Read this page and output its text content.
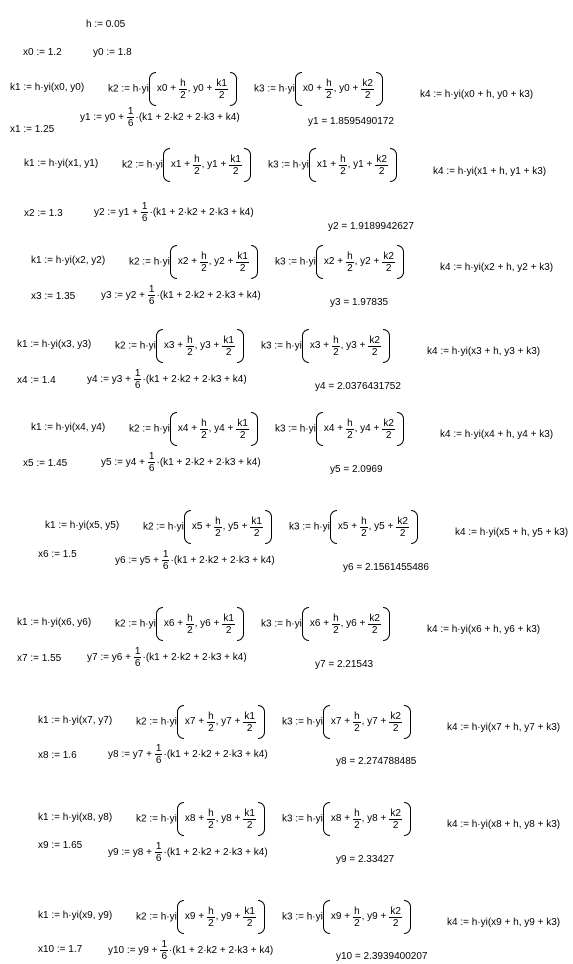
h := 0.05
x0 := 1.2	y0 := 1.8
k1 := h·yi(x0, y0) k2 := h·yi x0 + h
2
, y0 + k1
2
k3 := h·yi x0 + h
2
, y0 + k2
2	k4 := h·yi(x0 + h, y0 + k3)
x1 := 1.25
y1 := $y0 + \frac{1}{6} \cdot(k1 + 2\cdot k2 + 2\cdot k3 + k4)$	y1 = 1.8595490172
k1 := h·yi(x1, y1) k2 := h·yi x1 + h
2
, y1 + k1
2
k3 := h·yi x1 + h
2
, y1 + k2
2	k4 := h·yi(x1 + h, y1 + k3)
x2 := 1.3	y2 := $y1 + \frac{1}{6} \cdot(k1 + 2\cdot k2 + 2\cdot k3 + k4)$
y2 = 1.9189942627
k1 := h·yi(x2, y2) k2 := h·yi x2 + h
2
, y2 + k1
2
k3 := h·yi x2 + h
2
, y2 + k2
2	k4 := h·yi(x2 + h, y2 + k3)
x3 := 1.35	y3 := $y2 + \frac{1}{6} \cdot(k1 + 2\cdot k2 + 2\cdot k3 + k4)$
y3 = 1.97835
k1 := h·yi(x3, y3) k2 := h·yi x3 + h
2
, y3 + k1
2
k3 := h·yi x3 + h
2
, y3 + k2
2	k4 := h·yi(x3 + h, y3 + k3)
x4 := 1.4	y4 := $y3 + \frac{1}{6} \cdot(k1 + 2\cdot k2 + 2\cdot k3 + k4)$
y4 = 2.0376431752
k1 := h·yi(x4, y4) k2 := h·yi x4 + h
2
, y4 + k1
2
k3 := h·yi x4 + h
2
, y4 + k2
2	k4 := h·yi(x4 + h, y4 + k3)
x5 := 1.45	y5 := $y4 + \frac{1}{6} \cdot(k1 + 2\cdot k2 + 2\cdot k3 + k4)$
y5 = 2.0969
k1 := h·yi(x5, y5) k2 := h·yi x5 + h
2
, y5 + k1
2
k3 := h·yi x5 + h
2
, y5 + k2
2	k4 := h·yi(x5 + h, y5 + k3)
x6 := 1.5
y6 := $y5 + \frac{1}{6} \cdot(k1 + 2\cdot k2 + 2\cdot k3 + k4)$
y6 = 2.1561455486
k1 := h·yi(x6, y6) k2 := h·yi x6 + h
2
, y6 + k1
2
k3 := h·yi x6 + h
2
, y6 + k2
2	k4 := h·yi(x6 + h, y6 + k3)
x7 := 1.55	y7 := $y6 + \frac{1}{6} \cdot(k1 + 2\cdot k2 + 2\cdot k3 + k4)$
y7 = 2.21543
k1 := h·yi(x7, y7) k2 := h·yi x7 + h
2
, y7 + k1
2
k3 := h·yi x7 + h
2
, y7 + k2
2	k4 := h·yi(x7 + h, y7 + k3)
x8 := 1.6	y8 := $y7 + \frac{1}{6} \cdot(k1 + 2\cdot k2 + 2\cdot k3 + k4)$
y8 = 2.274788485
k1 := h·yi(x8, y8) k2 := h·yi x8 + h
2
, y8 + k1
2
k3 := h·yi x8 + h
2
, y8 + k2
2	k4 := h·yi(x8 + h, y8 + k3)
x9 := 1.65
y9 := $y8 + \frac{1}{6} \cdot(k1 + 2\cdot k2 + 2\cdot k3 + k4)$
y9 = 2.33427
k1 := h·yi(x9, y9) k2 := h·yi x9 + h
2
, y9 + k1
2
k3 := h·yi x9 + h
2
, y9 + k2
2	k4 := h·yi(x9 + h, y9 + k3)
x10 := 1.7	y10 := $y9 + \frac{1}{6} \cdot(k1 + 2\cdot k2 + 2\cdot k3 + k4)$
y10 = 2.3939400207
